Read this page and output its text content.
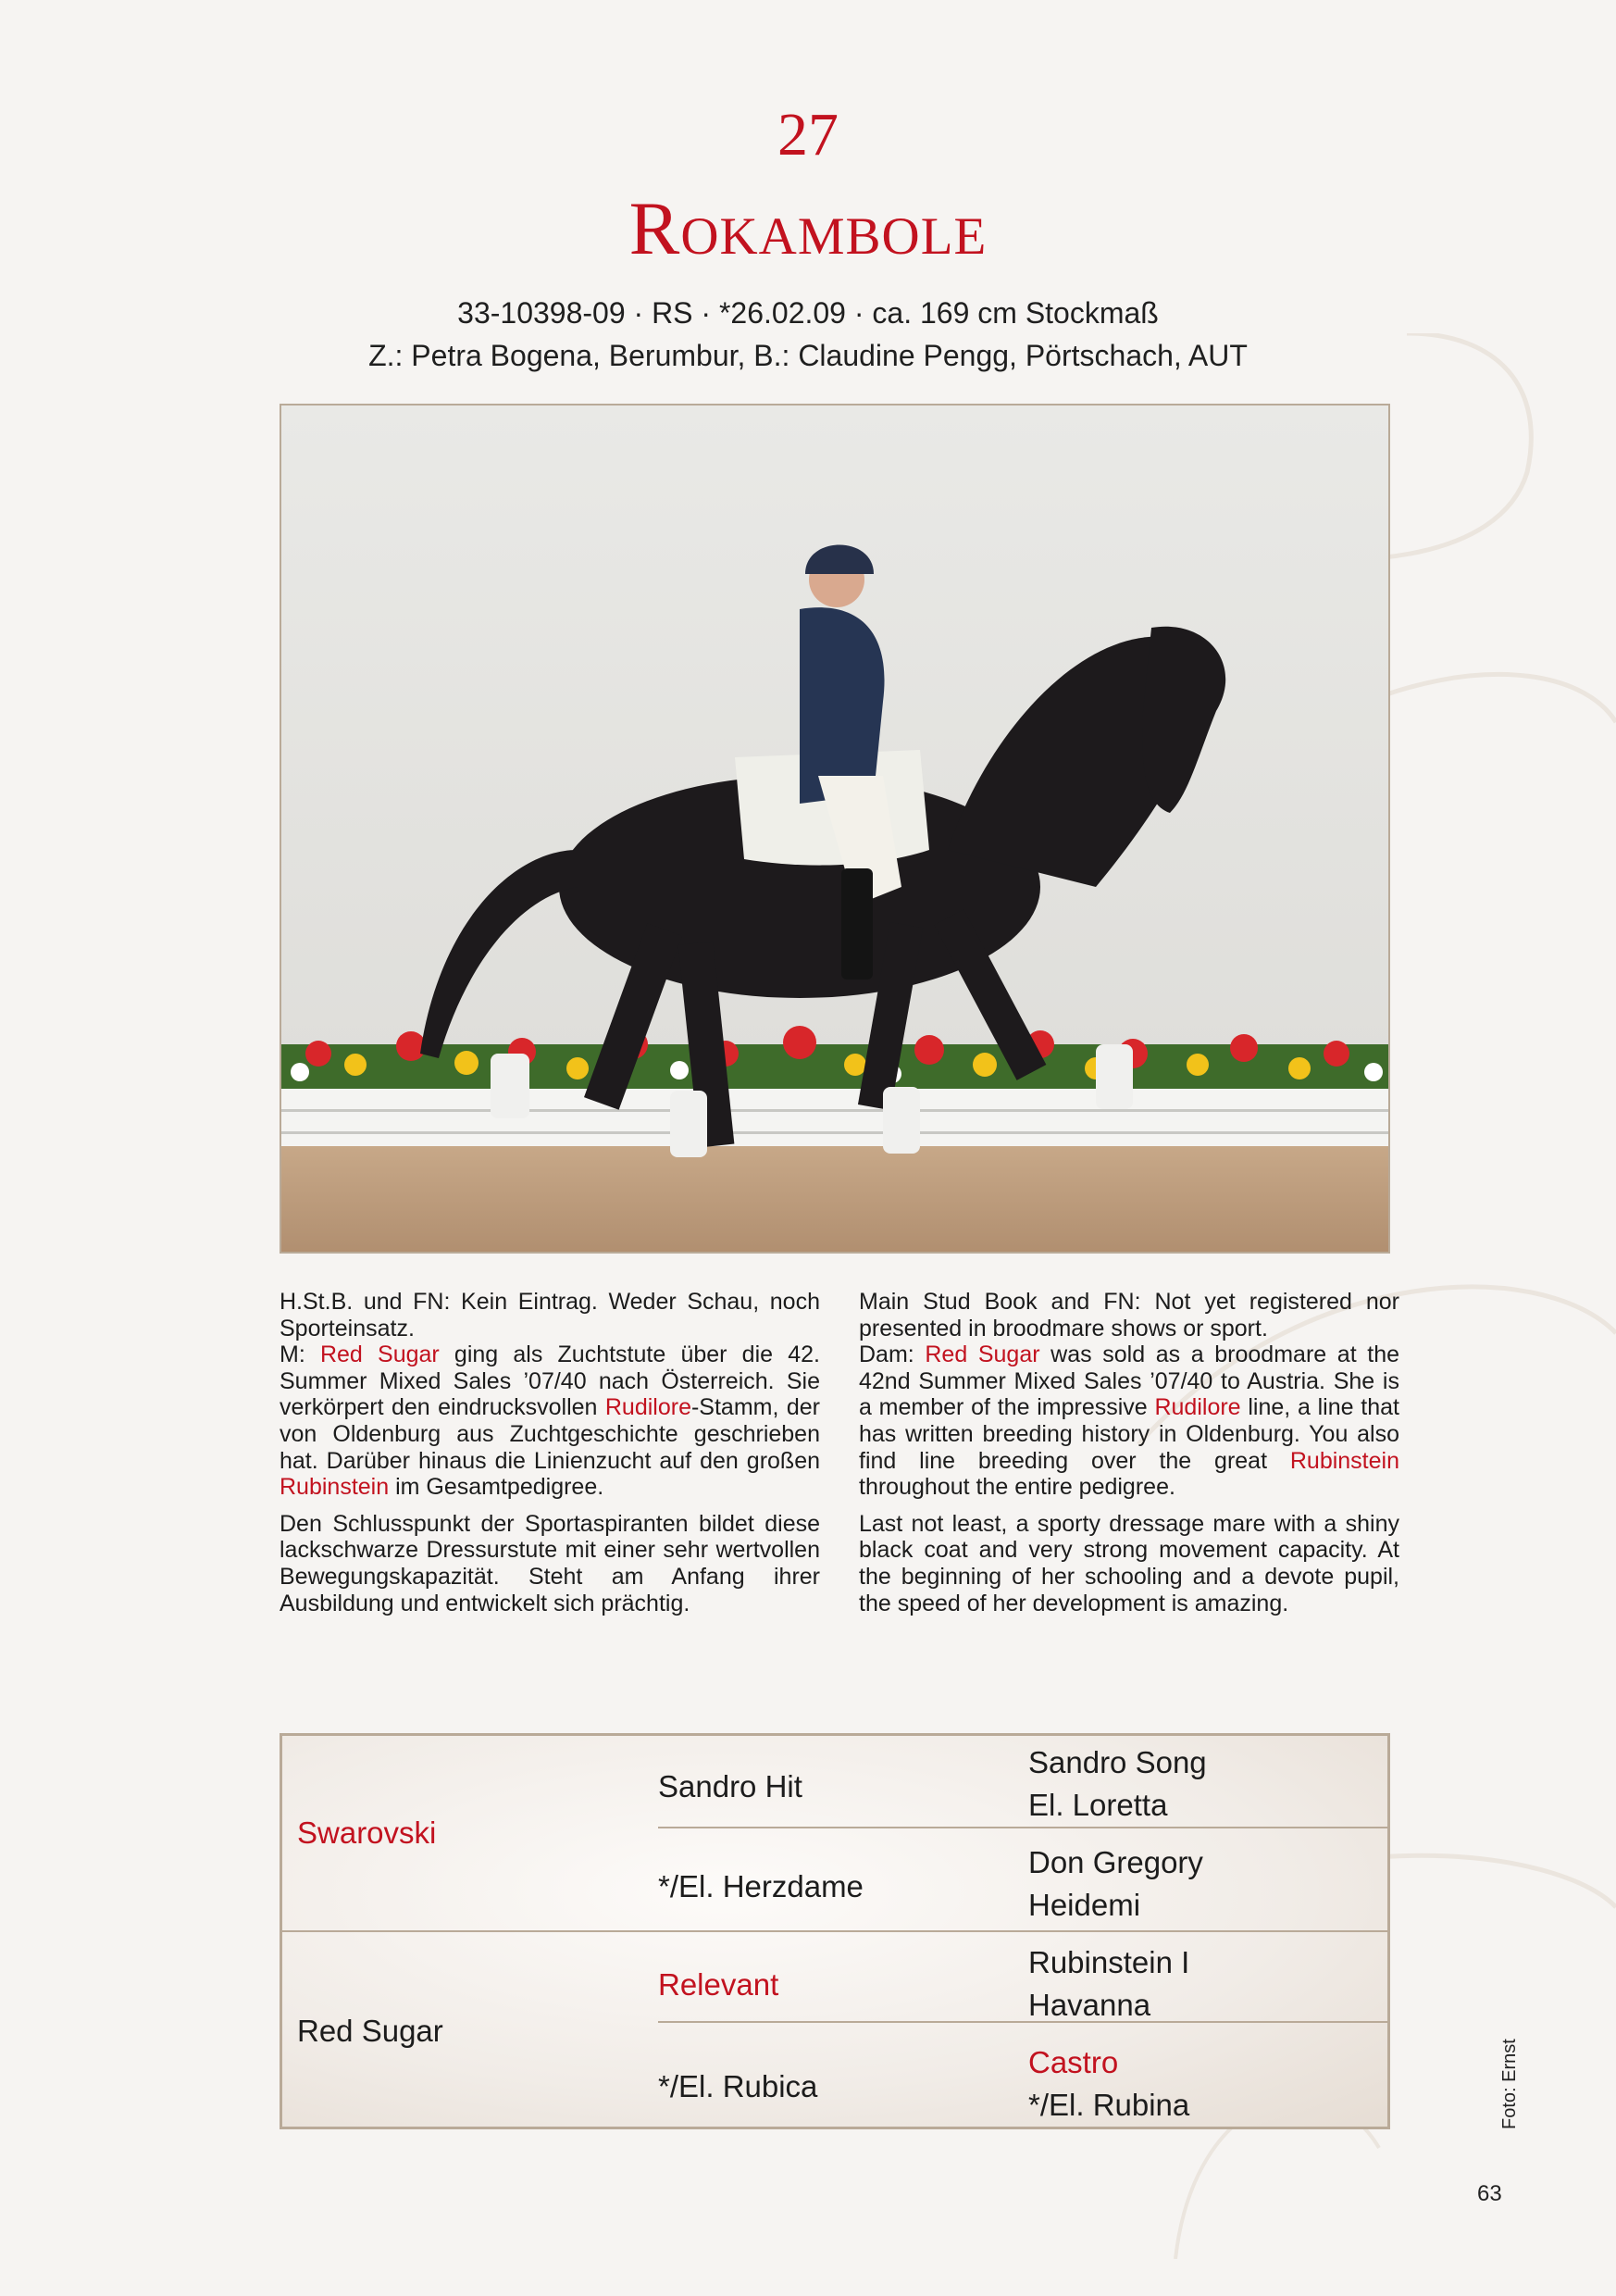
27
Rokambole
33-10398-09 · RS · *26.02.09 · ca. 169 cm Stockmaß
Z.: Petra Bogena, Berumbur, B.: Claudine Pengg, Pörtschach, AUT

H.St.B. und FN: Kein Eintrag. Weder Schau, noch Sporteinsatz.
M: Red Sugar ging als Zuchtstute über die 42. Summer Mixed Sales ’07/40 nach Österreich. Sie verkörpert den eindrucksvollen Rudilore-Stamm, der von Oldenburg aus Zuchtgeschichte geschrieben hat. Darüber hinaus die Linienzucht auf den großen Rubinstein im Gesamtpedigree.

Den Schlusspunkt der Sportaspiranten bildet diese lackschwarze Dressurstute mit einer sehr wertvollen Bewegungskapazität. Steht am Anfang ihrer Ausbildung und entwickelt sich prächtig.

Main Stud Book and FN: Not yet registered nor presented in broodmare shows or sport.
Dam: Red Sugar was sold as a broodmare at the 42nd Summer Mixed Sales ’07/40 to Austria. She is a member of the impressive Rudilore line, a line that has written breeding history in Oldenburg. You also find line breeding over the great Rubinstein throughout the entire pedigree.

Last not least, a sporty dressage mare with a shiny black coat and very strong movement capacity. At the beginning of her schooling and a devote pupil, the speed of her development is amazing.

Swarovski
Red Sugar
Sandro Hit
*/El. Herzdame
Relevant
*/El. Rubica
Sandro Song
El. Loretta
Don Gregory
Heidemi
Rubinstein I
Havanna
Castro
*/El. Rubina	Foto: Ernst
63
